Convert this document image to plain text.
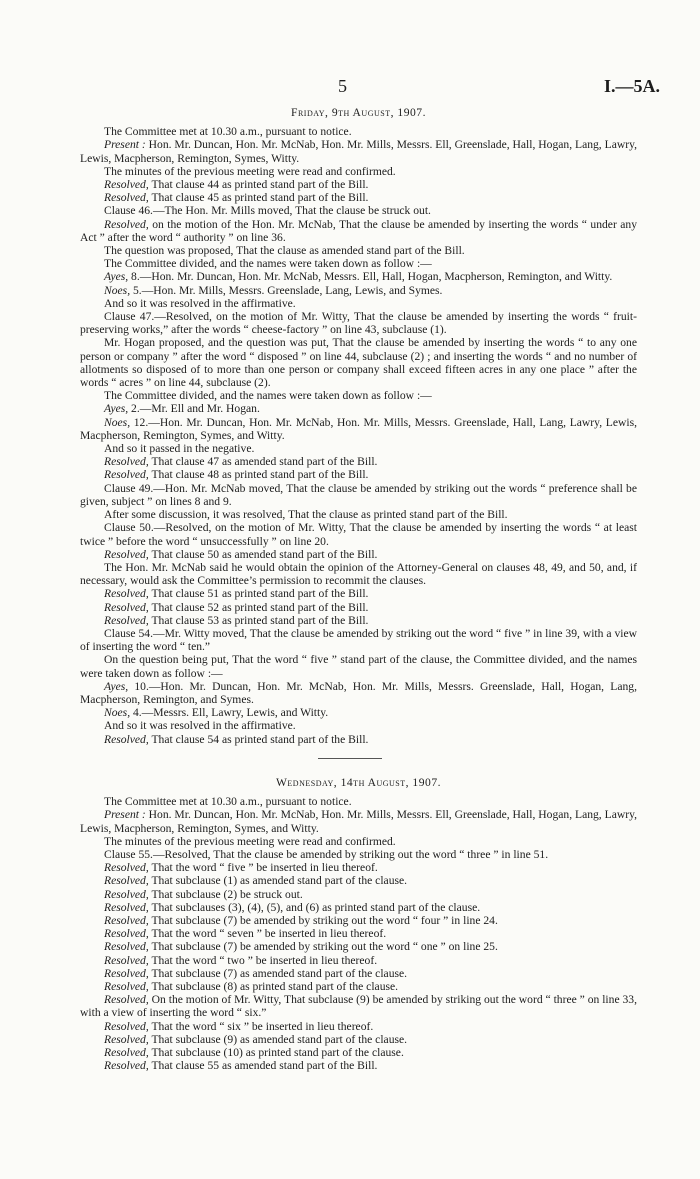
5	I.—5A.

Friday, 9th August, 1907.

The Committee met at 10.30 a.m., pursuant to notice.

Present : Hon. Mr. Duncan, Hon. Mr. McNab, Hon. Mr. Mills, Messrs. Ell, Greenslade, Hall, Hogan, Lang, Lawry, Lewis, Macpherson, Remington, Symes, Witty.

The minutes of the previous meeting were read and confirmed.

Resolved, That clause 44 as printed stand part of the Bill.

Resolved, That clause 45 as printed stand part of the Bill.

Clause 46.—The Hon. Mr. Mills moved, That the clause be struck out.

Resolved, on the motion of the Hon. Mr. McNab, That the clause be amended by inserting the words “ under any Act ” after the word “ authority ” on line 36.

The question was proposed, That the clause as amended stand part of the Bill.

The Committee divided, and the names were taken down as follow :—

Ayes, 8.—Hon. Mr. Duncan, Hon. Mr. McNab, Messrs. Ell, Hall, Hogan, Macpherson, Remington, and Witty.

Noes, 5.—Hon. Mr. Mills, Messrs. Greenslade, Lang, Lewis, and Symes.

And so it was resolved in the affirmative.

Clause 47.—Resolved, on the motion of Mr. Witty, That the clause be amended by inserting the words “ fruit-preserving works,” after the words “ cheese-factory ” on line 43, subclause (1).

Mr. Hogan proposed, and the question was put, That the clause be amended by inserting the words “ to any one person or company ” after the word “ disposed ” on line 44, subclause (2) ; and inserting the words “ and no number of allotments so disposed of to more than one person or company shall exceed fifteen acres in any one place ” after the words “ acres ” on line 44, subclause (2).

The Committee divided, and the names were taken down as follow :—

Ayes, 2.—Mr. Ell and Mr. Hogan.

Noes, 12.—Hon. Mr. Duncan, Hon. Mr. McNab, Hon. Mr. Mills, Messrs. Greenslade, Hall, Lang, Lawry, Lewis, Macpherson, Remington, Symes, and Witty.

And so it passed in the negative.

Resolved, That clause 47 as amended stand part of the Bill.

Resolved, That clause 48 as printed stand part of the Bill.

Clause 49.—Hon. Mr. McNab moved, That the clause be amended by striking out the words “ preference shall be given, subject ” on lines 8 and 9.

After some discussion, it was resolved, That the clause as printed stand part of the Bill.

Clause 50.—Resolved, on the motion of Mr. Witty, That the clause be amended by inserting the words “ at least twice ” before the word “ unsuccessfully ” on line 20.

Resolved, That clause 50 as amended stand part of the Bill.

The Hon. Mr. McNab said he would obtain the opinion of the Attorney-General on clauses 48, 49, and 50, and, if necessary, would ask the Committee’s permission to recommit the clauses.

Resolved, That clause 51 as printed stand part of the Bill.

Resolved, That clause 52 as printed stand part of the Bill.

Resolved, That clause 53 as printed stand part of the Bill.

Clause 54.—Mr. Witty moved, That the clause be amended by striking out the word “ five ” in line 39, with a view of inserting the word “ ten.”

On the question being put, That the word “ five ” stand part of the clause, the Committee divided, and the names were taken down as follow :—

Ayes, 10.—Hon. Mr. Duncan, Hon. Mr. McNab, Hon. Mr. Mills, Messrs. Greenslade, Hall, Hogan, Lang, Macpherson, Remington, and Symes.

Noes, 4.—Messrs. Ell, Lawry, Lewis, and Witty.

And so it was resolved in the affirmative.

Resolved, That clause 54 as printed stand part of the Bill.

Wednesday, 14th August, 1907.

The Committee met at 10.30 a.m., pursuant to notice.

Present : Hon. Mr. Duncan, Hon. Mr. McNab, Hon. Mr. Mills, Messrs. Ell, Greenslade, Hall, Hogan, Lang, Lawry, Lewis, Macpherson, Remington, Symes, and Witty.

The minutes of the previous meeting were read and confirmed.

Clause 55.—Resolved, That the clause be amended by striking out the word “ three ” in line 51.

Resolved, That the word “ five ” be inserted in lieu thereof.

Resolved, That subclause (1) as amended stand part of the clause.

Resolved, That subclause (2) be struck out.

Resolved, That subclauses (3), (4), (5), and (6) as printed stand part of the clause.

Resolved, That subclause (7) be amended by striking out the word “ four ” in line 24.

Resolved, That the word “ seven ” be inserted in lieu thereof.

Resolved, That subclause (7) be amended by striking out the word “ one ” on line 25.

Resolved, That the word “ two ” be inserted in lieu thereof.

Resolved, That subclause (7) as amended stand part of the clause.

Resolved, That subclause (8) as printed stand part of the clause.

Resolved, On the motion of Mr. Witty, That subclause (9) be amended by striking out the word “ three ” on line 33, with a view of inserting the word “ six.”

Resolved, That the word “ six ” be inserted in lieu thereof.

Resolved, That subclause (9) as amended stand part of the clause.

Resolved, That subclause (10) as printed stand part of the clause.

Resolved, That clause 55 as amended stand part of the Bill.
